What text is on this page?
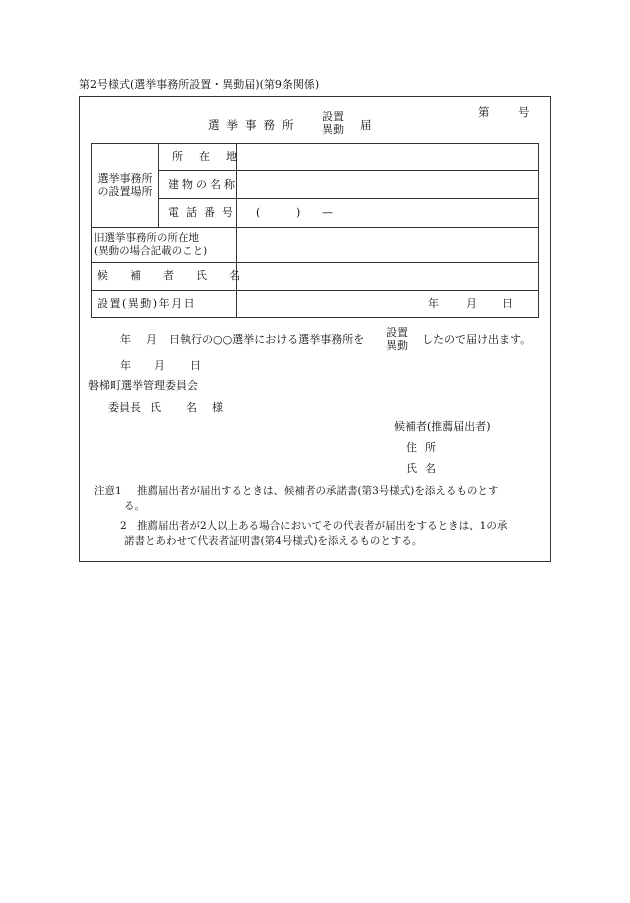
第2号様式(選挙事務所設置・異動届)(第9条関係)
選挙事務所
設置
異動 届
第 号
選挙事務所
の設置場所
所在地
建物の名称
電話番号 (	) —
旧選挙事務所の所在地
(異動の場合記載のこと)
候補者氏名
設置(異動)年月日	年 月 日
年 月 日執行の○○選挙における選挙事務所を
設置
異動 したので届け出ます。
年 月 日
磐梯町選挙管理委員会
委員長 氏 名 様
候補者(推薦届出者)
住所
氏名
注意1 推薦届出者が届出するときは、候補者の承諾書(第3号様式)を添えるものとす
る。
2 推薦届出者が2人以上ある場合においてその代表者が届出をするときは、1の承
諾書とあわせて代表者証明書(第4号様式)を添えるものとする。
